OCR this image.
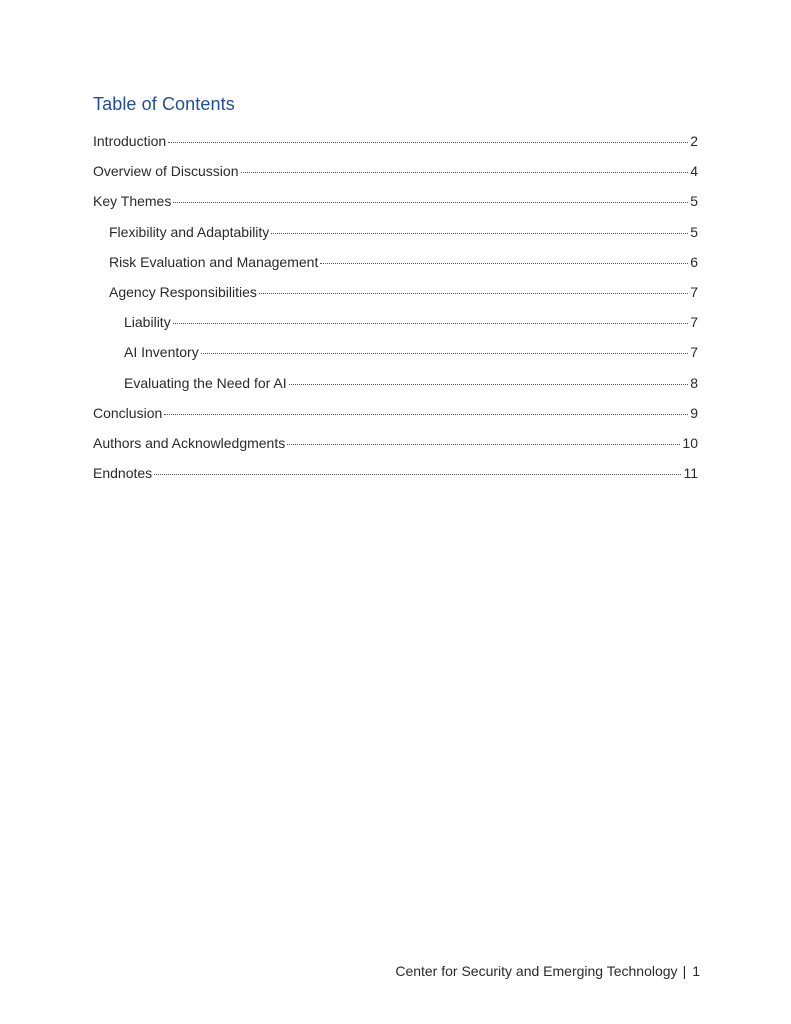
Table of Contents
Introduction	2
Overview of Discussion	4
Key Themes	5
Flexibility and Adaptability	5
Risk Evaluation and Management	6
Agency Responsibilities	7
Liability	7
AI Inventory	7
Evaluating the Need for AI	8
Conclusion	9
Authors and Acknowledgments	10
Endnotes	11
Center for Security and Emerging Technology | 1
